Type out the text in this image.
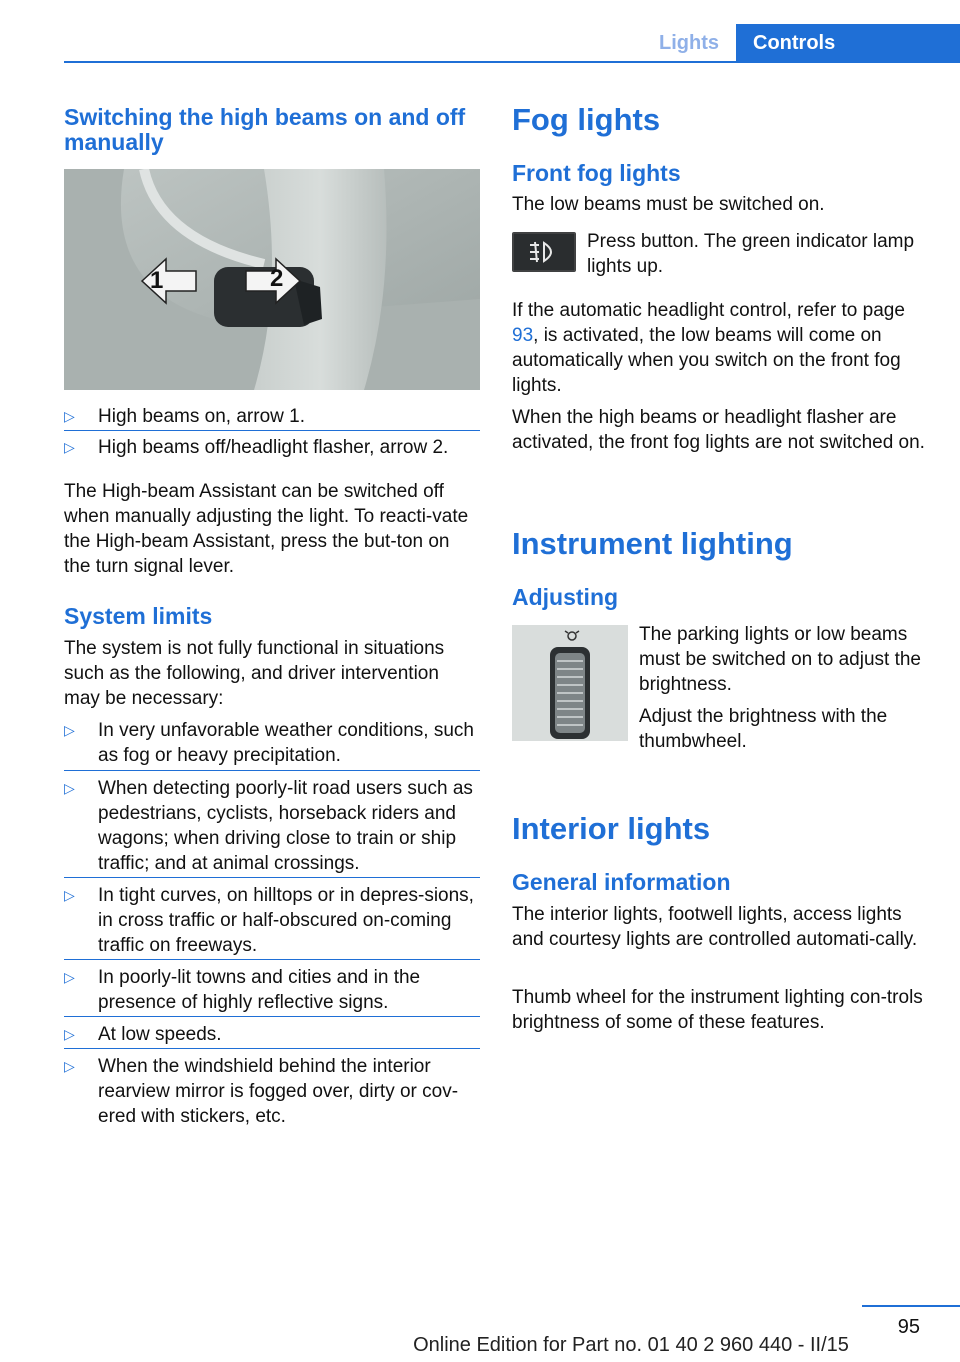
Lights	Controls
Switching the high beams on and off manually
1	2
▷ High beams on, arrow 1.
▷ High beams off/headlight flasher, arrow 2.

The High-beam Assistant can be switched off when manually adjusting the light. To reacti-vate the High-beam Assistant, press the but-ton on the turn signal lever.

System limits

The system is not fully functional in situations such as the following, and driver intervention may be necessary:

▷ In very unfavorable weather conditions, such as fog or heavy precipitation.
▷ When detecting poorly-lit road users such as pedestrians, cyclists, horseback riders and wagons; when driving close to train or ship traffic; and at animal crossings.
▷ In tight curves, on hilltops or in depres-sions, in cross traffic or half-obscured on-coming traffic on freeways.
▷ In poorly-lit towns and cities and in the presence of highly reflective signs.
▷ At low speeds.
▷ When the windshield behind the interior rearview mirror is fogged over, dirty or cov-ered with stickers, etc.
Fog lights
Front fog lights

The low beams must be switched on.

Press button. The green indicator lamp lights up.

If the automatic headlight control, refer to page 93, is activated, the low beams will come on automatically when you switch on the front fog lights.

When the high beams or headlight flasher are activated, the front fog lights are not switched on.

Instrument lighting
Adjusting

The parking lights or low beams must be switched on to adjust the brightness.

Adjust the brightness with the thumbwheel.

Interior lights
General information

The interior lights, footwell lights, access lights and courtesy lights are controlled automati-cally.

Thumb wheel for the instrument lighting con-trols brightness of some of these features.

95
Online Edition for Part no. 01 40 2 960 440 - II/15
